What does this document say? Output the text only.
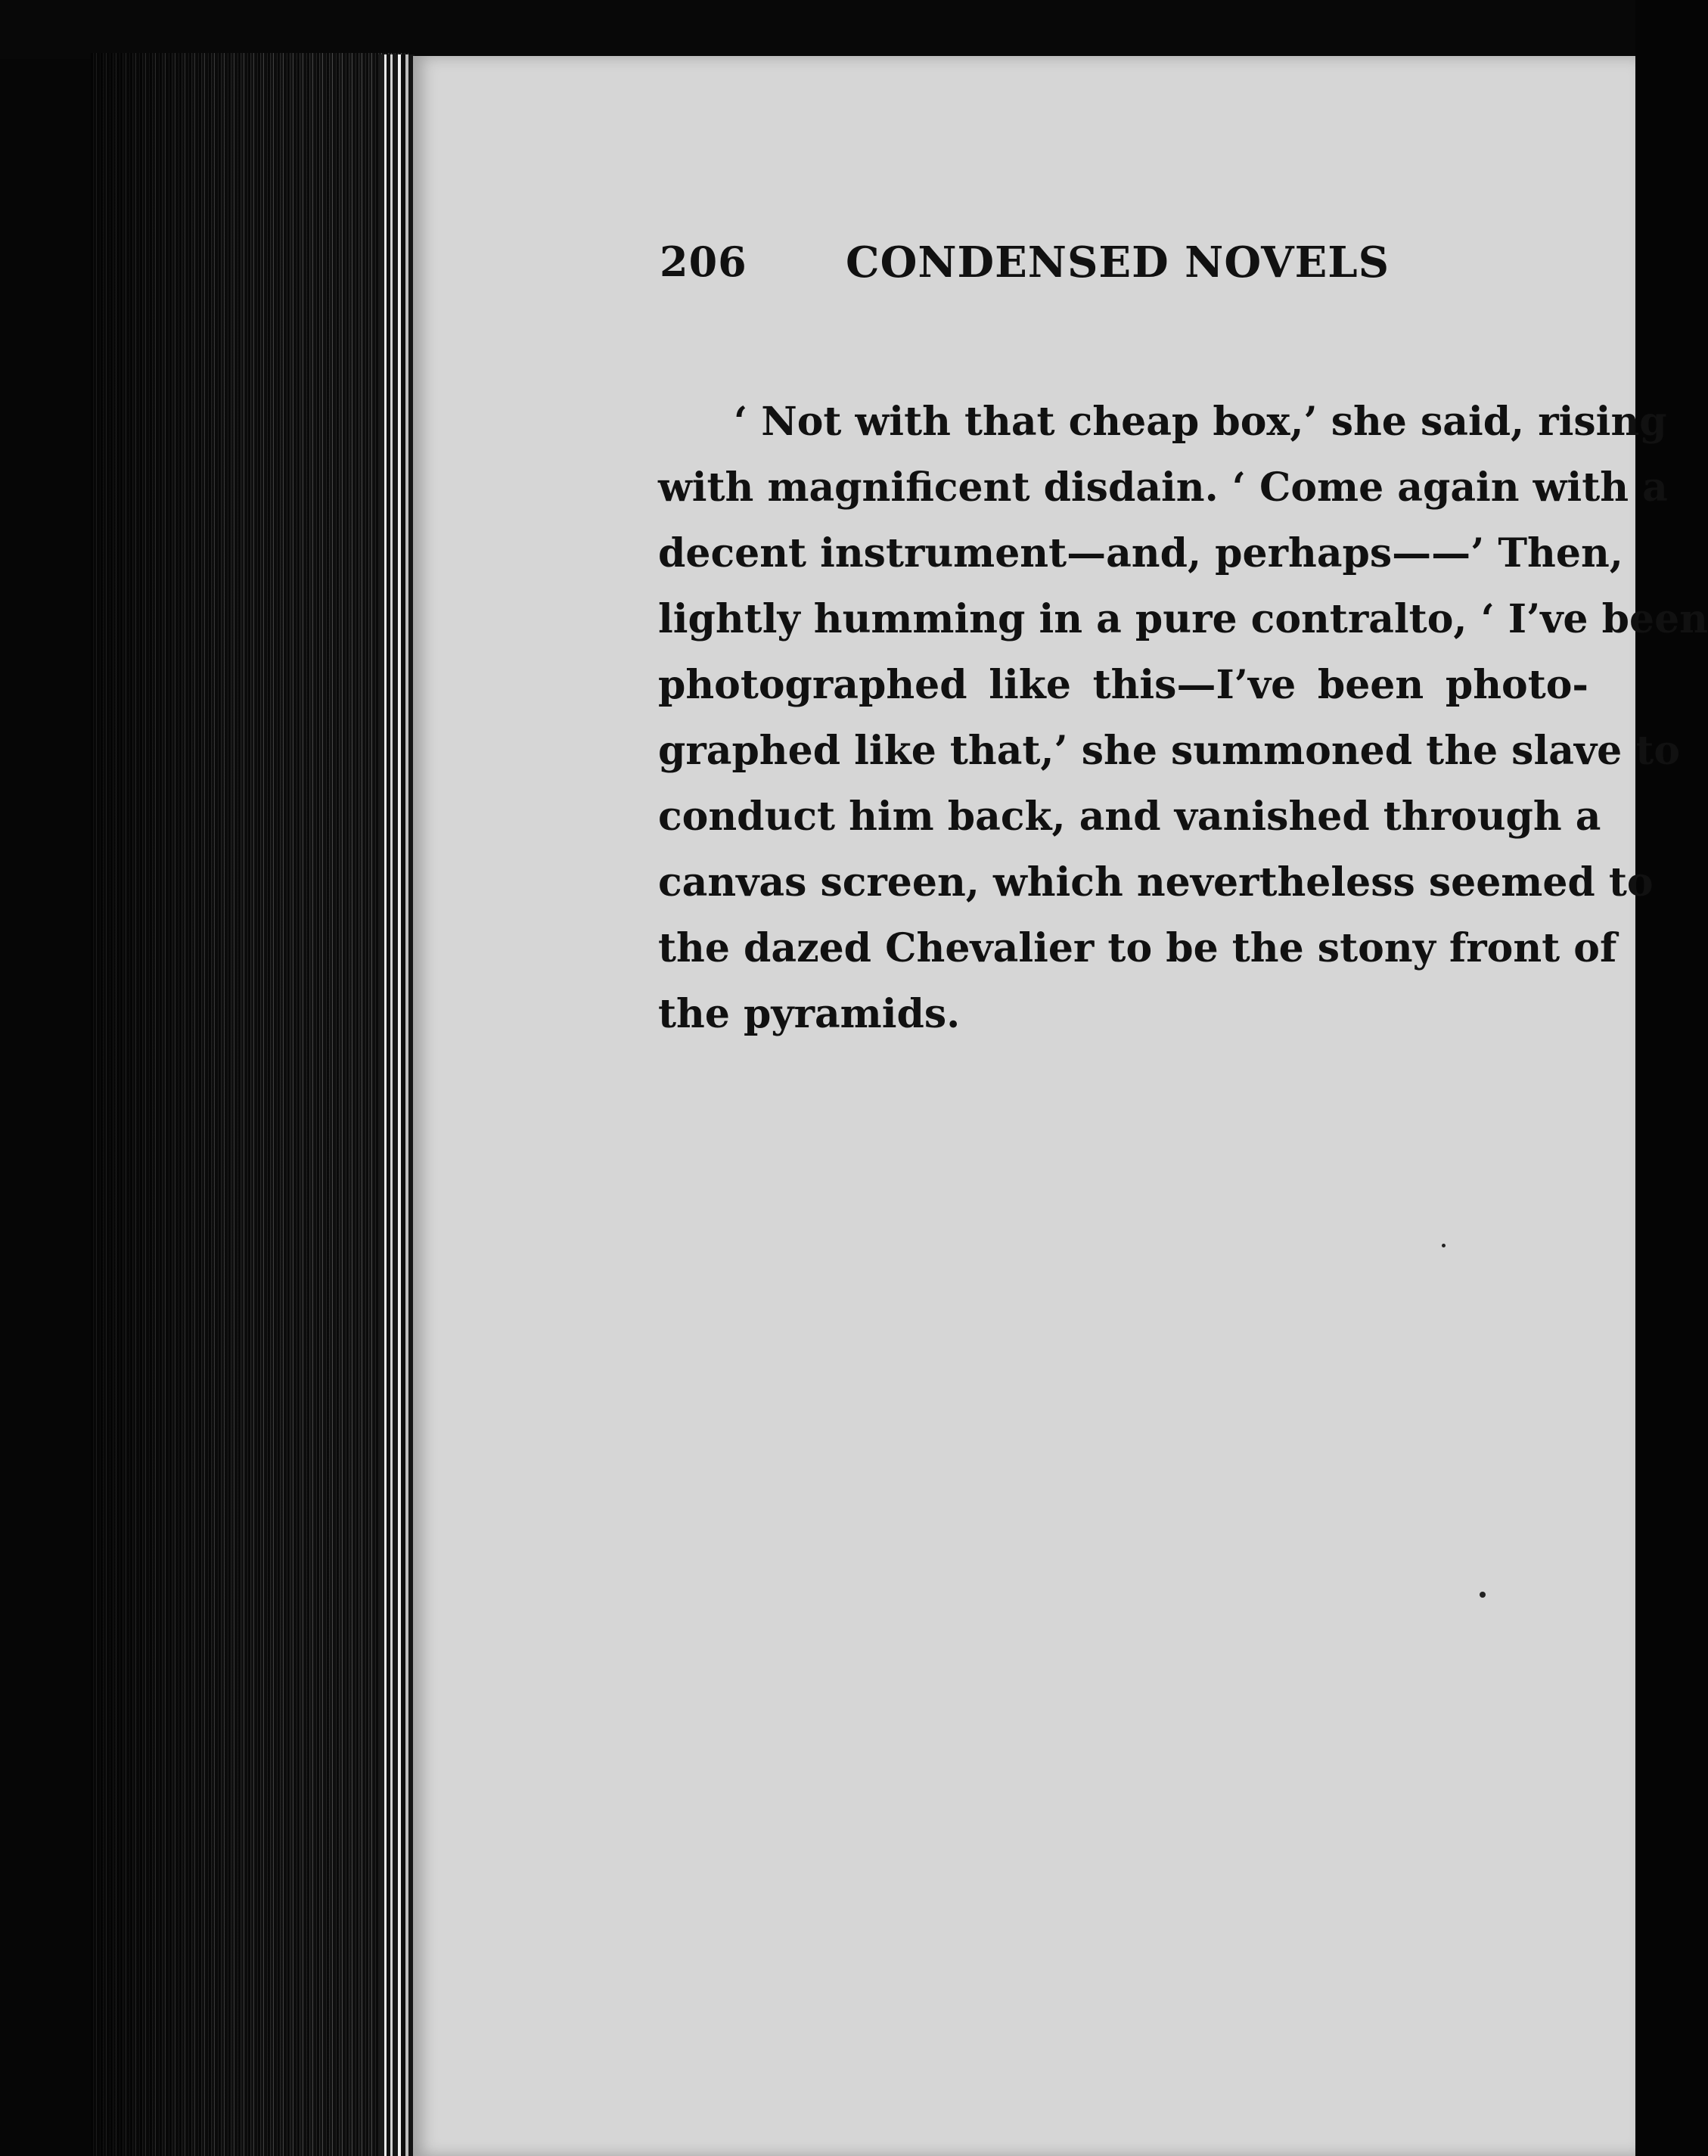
206 CONDENSED NOVELS
‘ Not with that cheap box,’ she said, rising
with magnificent disdain. ‘ Come again with a
decent instrument—and, perhaps——’ Then,
lightly humming in a pure contralto, ‘ I’ve been
photographed like this—I’ve been photo-
graphed like that,’ she summoned the slave to
conduct him back, and vanished through a
canvas screen, which nevertheless seemed to
the dazed Chevalier to be the stony front of
the pyramids.
